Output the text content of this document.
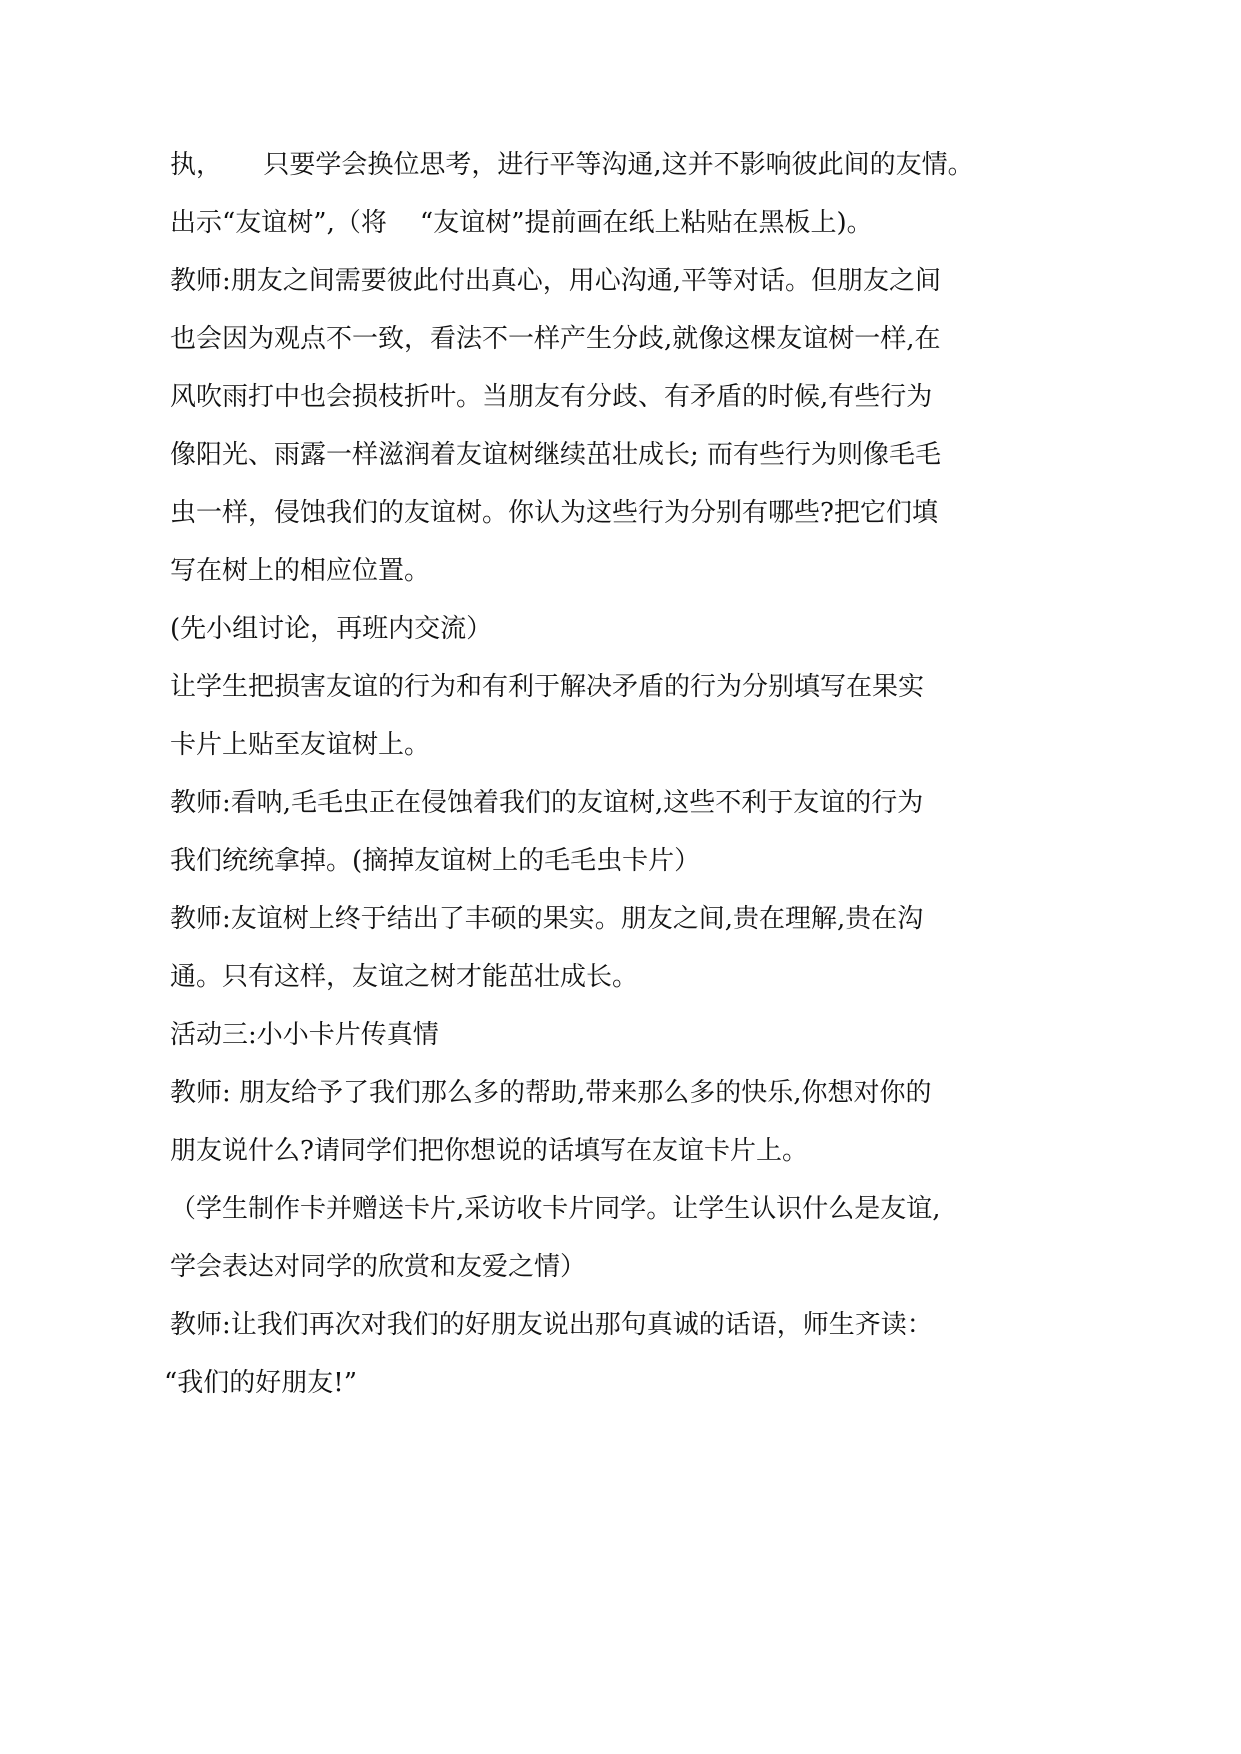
执，     只要学会换位思考，进行平等沟通,这并不影响彼此间的友情。
出示“友谊树”,（将    “友谊树”提前画在纸上粘贴在黑板上)。
教师:朋友之间需要彼此付出真心，用心沟通,平等对话。但朋友之间
也会因为观点不一致，看法不一样产生分歧,就像这棵友谊树一样,在
风吹雨打中也会损枝折叶。当朋友有分歧、有矛盾的时候,有些行为
像阳光、雨露一样滋润着友谊树继续茁壮成长; 而有些行为则像毛毛
虫一样，侵蚀我们的友谊树。你认为这些行为分别有哪些?把它们填
写在树上的相应位置。
(先小组讨论，再班内交流）
让学生把损害友谊的行为和有利于解决矛盾的行为分别填写在果实
卡片上贴至友谊树上。
教师:看呐,毛毛虫正在侵蚀着我们的友谊树,这些不利于友谊的行为
我们统统拿掉。(摘掉友谊树上的毛毛虫卡片）
教师:友谊树上终于结出了丰硕的果实。朋友之间,贵在理解,贵在沟
通。只有这样，友谊之树才能茁壮成长。
活动三:小小卡片传真情
教师: 朋友给予了我们那么多的帮助,带来那么多的快乐,你想对你的
朋友说什么?请同学们把你想说的话填写在友谊卡片上。
（学生制作卡并赠送卡片,采访收卡片同学。让学生认识什么是友谊,
学会表达对同学的欣赏和友爱之情）
教师:让我们再次对我们的好朋友说出那句真诚的话语，师生齐读：
“我们的好朋友!”
